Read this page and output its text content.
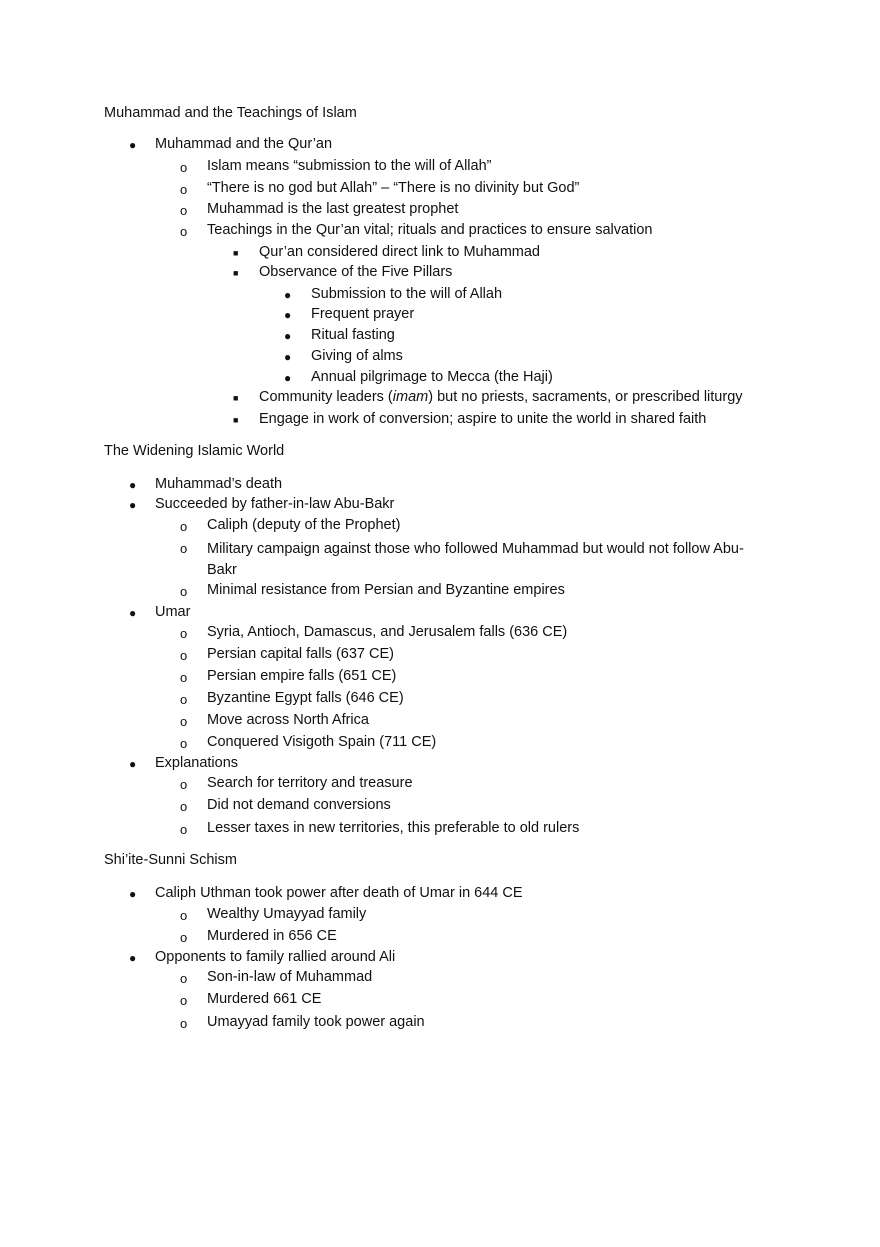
Muhammad and the Teachings of Islam
● Muhammad and the Qur’an
o Islam means “submission to the will of Allah”
o “There is no god but Allah” – “There is no divinity but God”
o Muhammad is the last greatest prophet
o Teachings in the Qur’an vital; rituals and practices to ensure salvation
■ Qur’an considered direct link to Muhammad
■ Observance of the Five Pillars
● Submission to the will of Allah
● Frequent prayer
● Ritual fasting
● Giving of alms
● Annual pilgrimage to Mecca (the Haji)
■ Community leaders (imam) but no priests, sacraments, or prescribed liturgy
■ Engage in work of conversion; aspire to unite the world in shared faith
The Widening Islamic World
● Muhammad’s death
● Succeeded by father-in-law Abu-Bakr
o Caliph (deputy of the Prophet)
o Military campaign against those who followed Muhammad but would not follow Abu-Bakr
o Minimal resistance from Persian and Byzantine empires
● Umar
o Syria, Antioch, Damascus, and Jerusalem falls (636 CE)
o Persian capital falls (637 CE)
o Persian empire falls (651 CE)
o Byzantine Egypt falls (646 CE)
o Move across North Africa
o Conquered Visigoth Spain (711 CE)
● Explanations
o Search for territory and treasure
o Did not demand conversions
o Lesser taxes in new territories, this preferable to old rulers
Shi’ite-Sunni Schism
● Caliph Uthman took power after death of Umar in 644 CE
o Wealthy Umayyad family
o Murdered in 656 CE
● Opponents to family rallied around Ali
o Son-in-law of Muhammad
o Murdered 661 CE
o Umayyad family took power again
